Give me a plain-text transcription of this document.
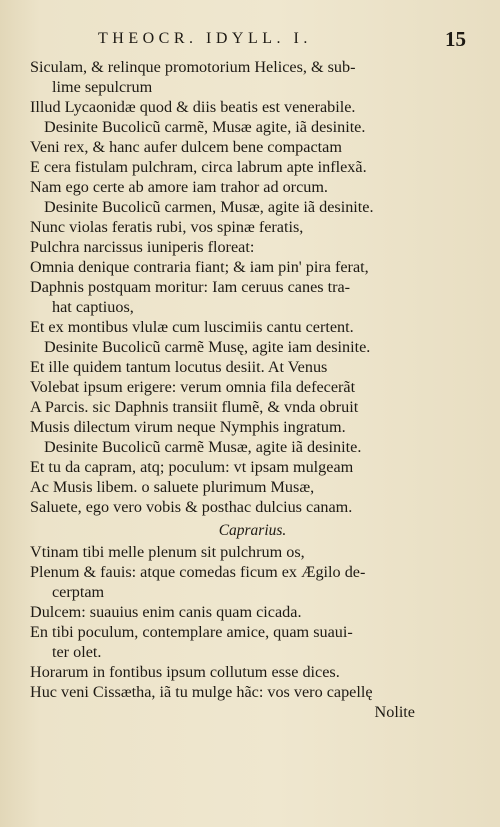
THEOCR. IDYLL. I.	15
Siculam, & relinque promotorium Helices, & sub-
lime sepulcrum
Illud Lycaonidæ quod & diis beatis est venerabile.
Desinite Bucolicũ carmẽ, Musæ agite, iã desinite.
Veni rex, & hanc aufer dulcem bene compactam
E cera fistulam pulchram, circa labrum apte inflexã.
Nam ego certe ab amore iam trahor ad orcum.
Desinite Bucolicũ carmen, Musæ, agite iã desinite.
Nunc violas feratis rubi, vos spinæ feratis,
Pulchra narcissus iuniperis floreat:
Omnia denique contraria fiant; & iam pin' pira ferat,
Daphnis postquam moritur: Iam ceruus canes tra-
hat captiuos,
Et ex montibus vlulæ cum luscimiis cantu certent.
Desinite Bucolicũ carmẽ Musę, agite iam desinite.
Et ille quidem tantum locutus desiit. At Venus
Volebat ipsum erigere: verum omnia fila defecerãt
A Parcis. sic Daphnis transiit flumẽ, & vnda obruit
Musis dilectum virum neque Nymphis ingratum.
Desinite Bucolicũ carmẽ Musæ, agite iã desinite.
Et tu da capram, atq; poculum: vt ipsam mulgeam
Ac Musis libem. o saluete plurimum Musæ,
Saluete, ego vero vobis & posthac dulcius canam.
Caprarius.
Vtinam tibi melle plenum sit pulchrum os,
Plenum & fauis: atque comedas ficum ex Ægilo de-
cerptam
Dulcem: suauius enim canis quam cicada.
En tibi poculum, contemplare amice, quam suaui-
ter olet.
Horarum in fontibus ipsum collutum esse dices.
Huc veni Cissætha, iã tu mulge hãc: vos vero capellę
Nolite
